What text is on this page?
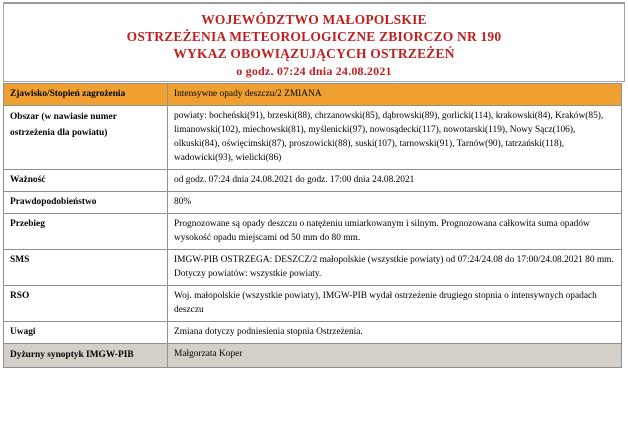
WOJEWÓDZTWO MAŁOPOLSKIE
OSTRZEŻENIA METEOROLOGICZNE ZBIORCZO NR 190
WYKAZ OBOWIĄZUJĄCYCH OSTRZEŻEŃ
o godz. 07:24 dnia 24.08.2021
Zjawisko/Stopień zagrożenia	Intensywne opady deszczu/2 ZMIANA
Obszar (w nawiasie numer ostrzeżenia dla powiatu)	powiaty: bocheński(91), brzeski(88), chrzanowski(85), dąbrowski(89), gorlicki(114), krakowski(84), Kraków(85), limanowski(102), miechowski(81), myślenicki(97), nowosądecki(117), nowotarski(119), Nowy Sącz(106), olkuski(84), oświęcimski(87), proszowicki(88), suski(107), tarnowski(91), Tarnów(90), tatrzański(118), wadowicki(93), wielicki(86)
Ważność	od godz. 07:24 dnia 24.08.2021 do godz. 17:00 dnia 24.08.2021
Prawdopodobieństwo	80%
Przebieg	Prognozowane są opady deszczu o natężeniu umiarkowanym i silnym. Prognozowana całkowita suma opadów wysokość opadu miejscami od 50 mm do 80 mm.
SMS	IMGW-PIB OSTRZEGA: DESZCZ/2 małopolskie (wszystkie powiaty) od 07:24/24.08 do 17:00/24.08.2021 80 mm. Dotyczy powiatów: wszystkie powiaty.
RSO	Woj. małopolskie (wszystkie powiaty), IMGW-PIB wydał ostrzeżenie drugiego stopnia o intensywnych opadach deszczu
Uwagi	Zmiana dotyczy podniesienia stopnia Ostrzeżenia.
Dyżurny synoptyk IMGW-PIB	Małgorzata Koper
